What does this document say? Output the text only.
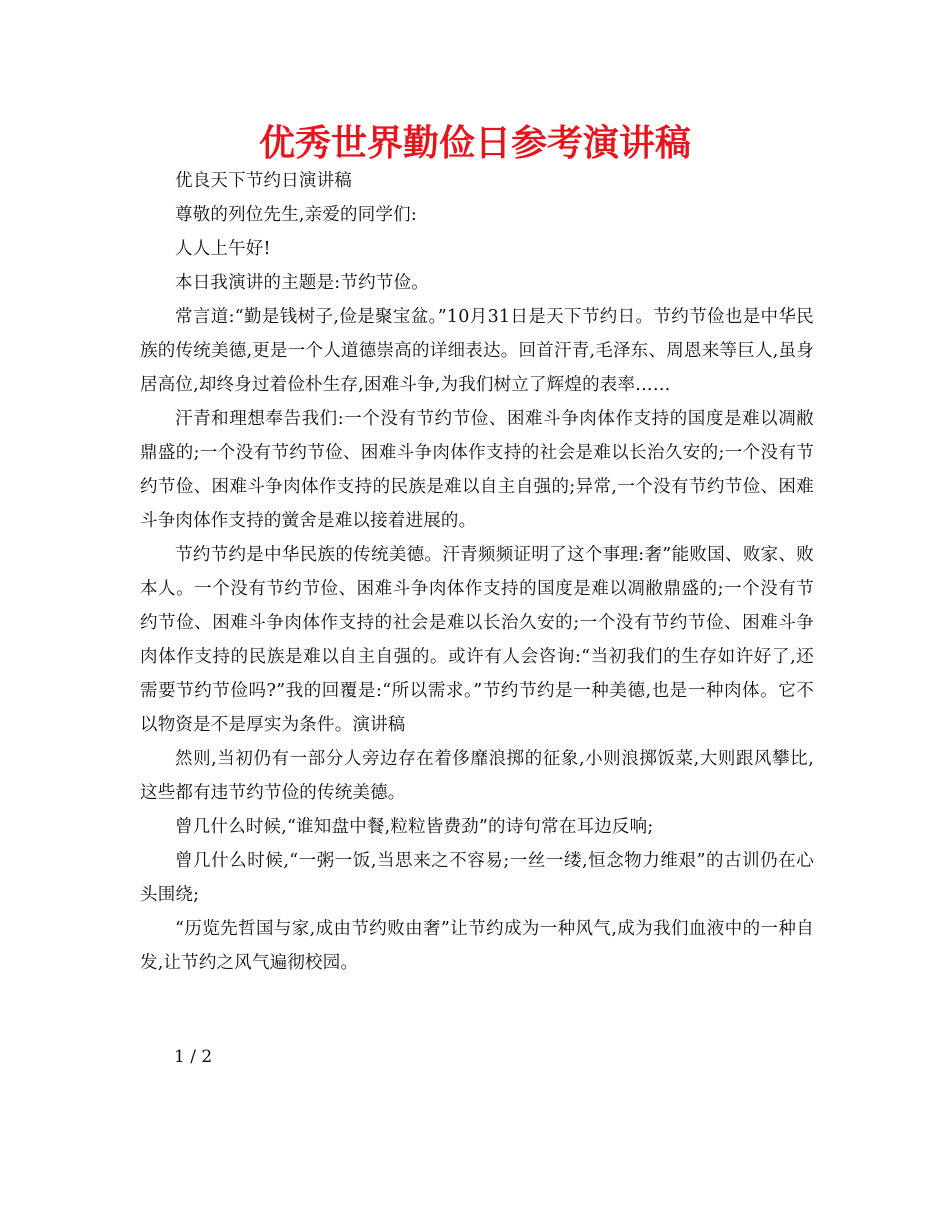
优秀世界勤俭日参考演讲稿

优良天下节约日演讲稿

尊敬的列位先生,亲爱的同学们:

人人上午好!

本日我演讲的主题是:节约节俭。

常言道:“勤是钱树子,俭是聚宝盆。”10月31日是天下节约日。节约节俭也是中华民族的传统美德,更是一个人道德崇高的详细表达。回首汗青,毛泽东、周恩来等巨人,虽身居高位,却终身过着俭朴生存,困难斗争,为我们树立了辉煌的表率……

汗青和理想奉告我们:一个没有节约节俭、困难斗争肉体作支持的国度是难以凋敝鼎盛的;一个没有节约节俭、困难斗争肉体作支持的社会是难以长治久安的;一个没有节约节俭、困难斗争肉体作支持的民族是难以自主自强的;异常,一个没有节约节俭、困难斗争肉体作支持的黉舍是难以接着进展的。

节约节约是中华民族的传统美德。汗青频频证明了这个事理:奢”能败国、败家、败本人。一个没有节约节俭、困难斗争肉体作支持的国度是难以凋敝鼎盛的;一个没有节约节俭、困难斗争肉体作支持的社会是难以长治久安的;一个没有节约节俭、困难斗争肉体作支持的民族是难以自主自强的。或许有人会咨询:“当初我们的生存如许好了,还需要节约节俭吗?”我的回覆是:“所以需求。”节约节约是一种美德,也是一种肉体。它不以物资是不是厚实为条件。演讲稿

然则,当初仍有一部分人旁边存在着侈靡浪掷的征象,小则浪掷饭菜,大则跟风攀比,这些都有违节约节俭的传统美德。

曾几什么时候,“谁知盘中餐,粒粒皆费劲”的诗句常在耳边反响;

曾几什么时候,“一粥一饭,当思来之不容易;一丝一缕,恒念物力维艰”的古训仍在心头围绕;

“历览先哲国与家,成由节约败由奢”让节约成为一种风气,成为我们血液中的一种自发,让节约之风气遍彻校园。

1 / 2
